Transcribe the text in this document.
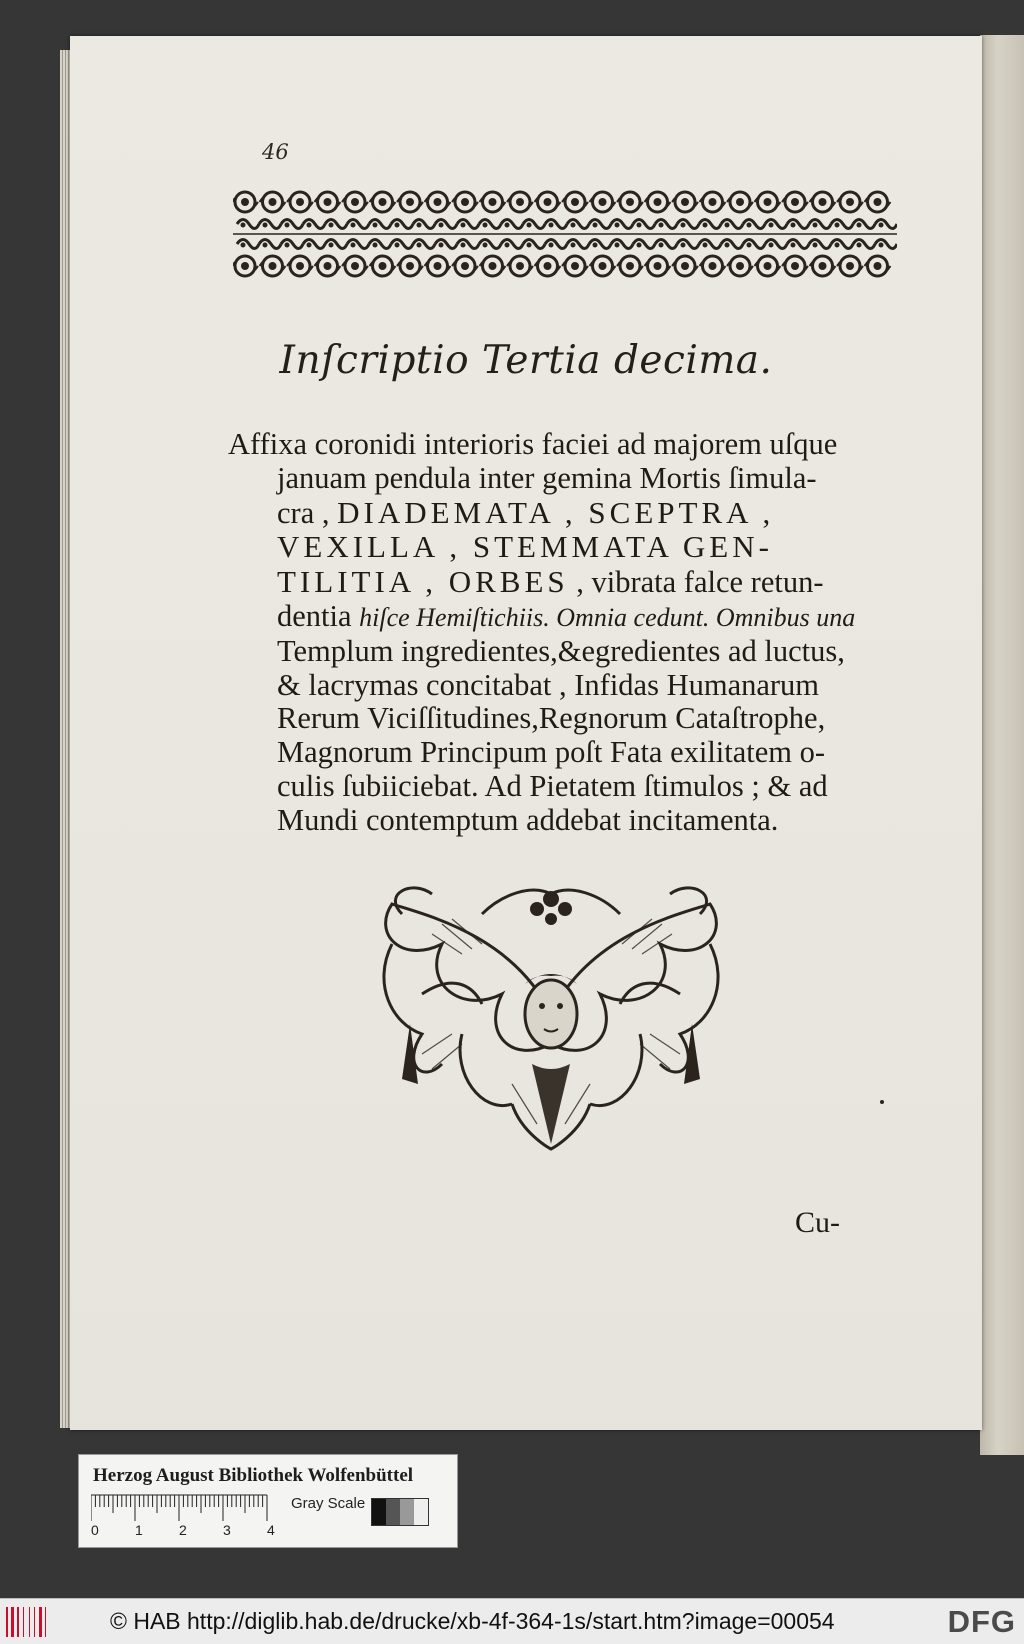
46
Inſcriptio Tertia decima.
Affixa coronidi interioris faciei ad majorem uſque
januam pendula inter gemina Mortis ſimula-
cra , DIADEMATA , SCEPTRA ,
VEXILLA , STEMMATA GEN-
TILITIA , ORBES , vibrata falce retun-
dentia hiſce Hemiſtichiis. Omnia cedunt. Omnibus una
Templum ingredientes,&egredientes ad luctus,
& lacrymas concitabat , Infidas Humanarum
Rerum Viciſſitudines,Regnorum Cataſtrophe,
Magnorum Principum poſt Fata exilitatem o-
culis ſubiiciebat. Ad Pietatem ſtimulos ; & ad
Mundi contemptum addebat incitamenta.
Cu-
Herzog August Bibliothek Wolfenbüttel
0	1	2	3	4
Gray Scale
© HAB http://diglib.hab.de/drucke/xb-4f-364-1s/start.htm?image=00054	DFG
